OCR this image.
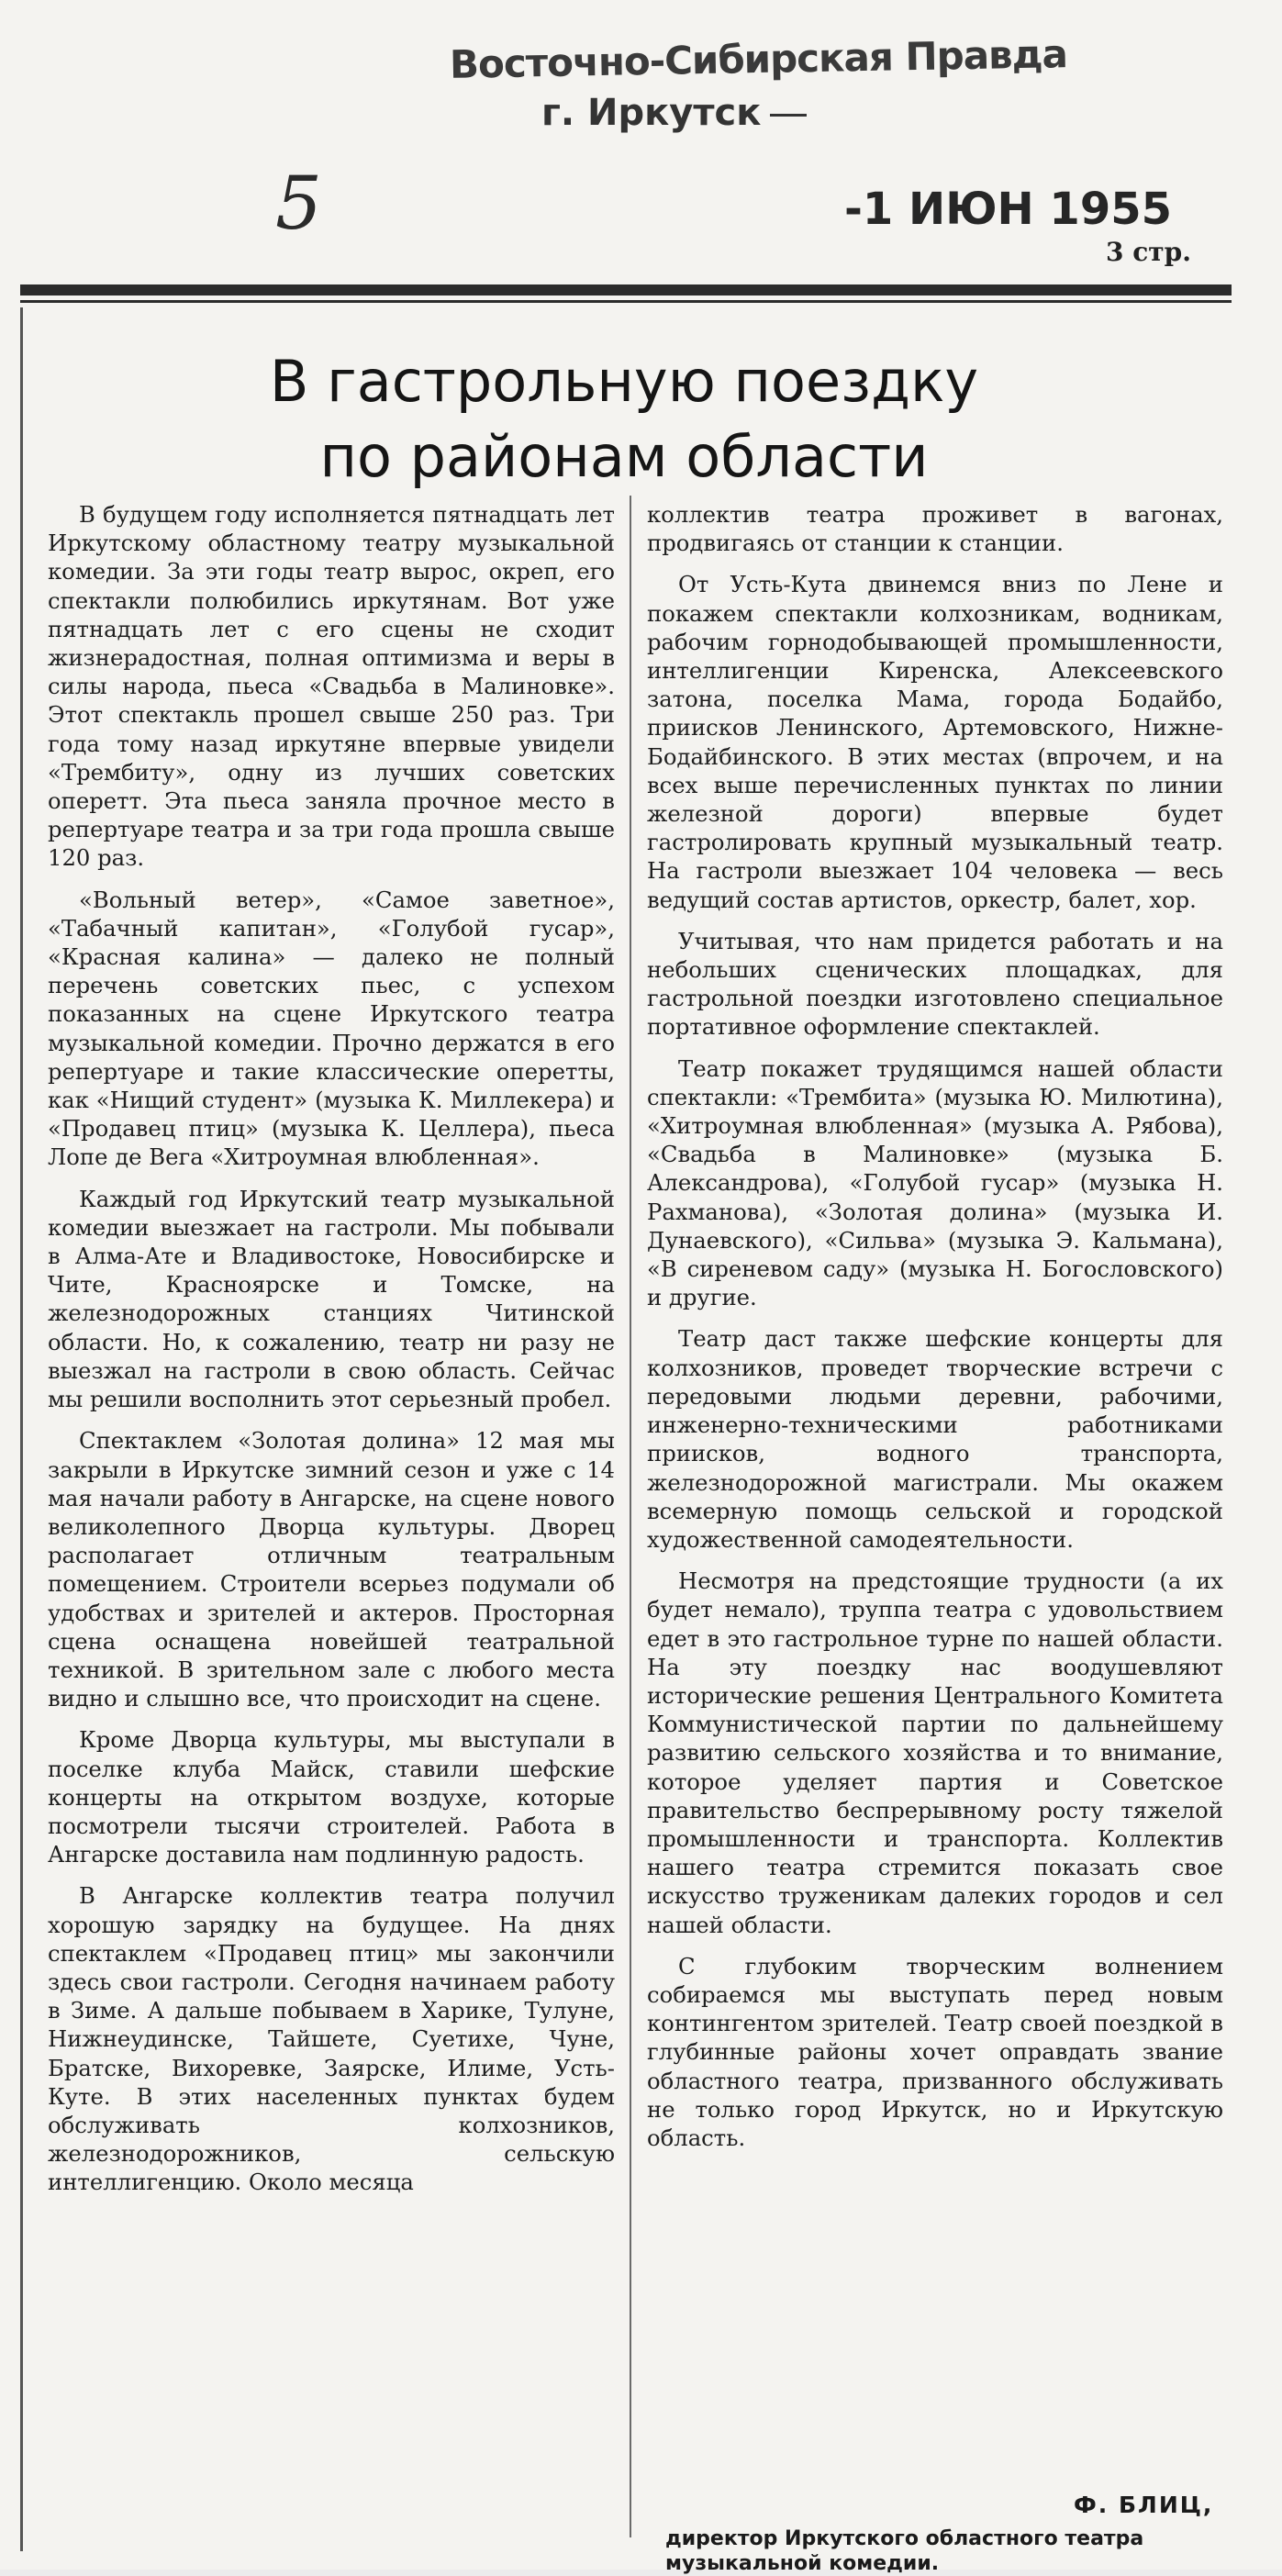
Восточно-Сибирская Правда
г. Иркутск
5	-1 ИЮН 1955
3 стр.
В гастрольную поездку
по районам области

В будущем году исполняется пятнадцать лет Иркутскому областному театру музыкальной комедии. За эти годы театр вырос, окреп, его спектакли полюбились иркутянам. Вот уже пятнадцать лет с его сцены не сходит жизнерадостная, полная оптимизма и веры в силы народа, пьеса «Свадьба в Малиновке». Этот спектакль прошел свыше 250 раз. Три года тому назад иркутяне впервые увидели «Трембиту», одну из лучших советских оперетт. Эта пьеса заняла прочное место в репертуаре театра и за три года прошла свыше 120 раз.

«Вольный ветер», «Самое заветное», «Табачный капитан», «Голубой гусар», «Красная калина» — далеко не полный перечень советских пьес, с успехом показанных на сцене Иркутского театра музыкальной комедии. Прочно держатся в его репертуаре и такие классические оперетты, как «Нищий студент» (музыка К. Миллекера) и «Продавец птиц» (музыка К. Целлера), пьеса Лопе де Вега «Хитроумная влюбленная».

Каждый год Иркутский театр музыкальной комедии выезжает на гастроли. Мы побывали в Алма-Ате и Владивостоке, Новосибирске и Чите, Красноярске и Томске, на железнодорожных станциях Читинской области. Но, к сожалению, театр ни разу не выезжал на гастроли в свою область. Сейчас мы решили восполнить этот серьезный пробел.

Спектаклем «Золотая долина» 12 мая мы закрыли в Иркутске зимний сезон и уже с 14 мая начали работу в Ангарске, на сцене нового великолепного Дворца культуры. Дворец располагает отличным театральным помещением. Строители всерьез подумали об удобствах и зрителей и актеров. Просторная сцена оснащена новейшей театральной техникой. В зрительном зале с любого места видно и слышно все, что происходит на сцене.

Кроме Дворца культуры, мы выступали в поселке клуба Майск, ставили шефские концерты на открытом воздухе, которые посмотрели тысячи строителей. Работа в Ангарске доставила нам подлинную радость.

В Ангарске коллектив театра получил хорошую зарядку на будущее. На днях спектаклем «Продавец птиц» мы закончили здесь свои гастроли. Сегодня начинаем работу в Зиме. А дальше побываем в Харике, Тулуне, Нижнеудинске, Тайшете, Суетихе, Чуне, Братске, Вихоревке, Заярске, Илиме, Усть-Куте. В этих населенных пунктах будем обслуживать колхозников, железнодорожников, сельскую интеллигенцию. Около месяца

коллектив театра проживет в вагонах, продвигаясь от станции к станции.

От Усть-Кута двинемся вниз по Лене и покажем спектакли колхозникам, водникам, рабочим горнодобывающей промышленности, интеллигенции Киренска, Алексеевского затона, поселка Мама, города Бодайбо, приисков Ленинского, Артемовского, Нижне-Бодайбинского. В этих местах (впрочем, и на всех выше перечисленных пунктах по линии железной дороги) впервые будет гастролировать крупный музыкальный театр. На гастроли выезжает 104 человека — весь ведущий состав артистов, оркестр, балет, хор.

Учитывая, что нам придется работать и на небольших сценических площадках, для гастрольной поездки изготовлено специальное портативное оформление спектаклей.

Театр покажет трудящимся нашей области спектакли: «Трембита» (музыка Ю. Милютина), «Хитроумная влюбленная» (музыка А. Рябова), «Свадьба в Малиновке» (музыка Б. Александрова), «Голубой гусар» (музыка Н. Рахманова), «Золотая долина» (музыка И. Дунаевского), «Сильва» (музыка Э. Кальмана), «В сиреневом саду» (музыка Н. Богословского) и другие.

Театр даст также шефские концерты для колхозников, проведет творческие встречи с передовыми людьми деревни, рабочими, инженерно-техническими работниками приисков, водного транспорта, железнодорожной магистрали. Мы окажем всемерную помощь сельской и городской художественной самодеятельности.

Несмотря на предстоящие трудности (а их будет немало), труппа театра с удовольствием едет в это гастрольное турне по нашей области. На эту поездку нас воодушевляют исторические решения Центрального Комитета Коммунистической партии по дальнейшему развитию сельского хозяйства и то внимание, которое уделяет партия и Советское правительство беспрерывному росту тяжелой промышленности и транспорта. Коллектив нашего театра стремится показать свое искусство труженикам далеких городов и сел нашей области.

С глубоким творческим волнением собираемся мы выступать перед новым контингентом зрителей. Театр своей поездкой в глубинные районы хочет оправдать звание областного театра, призванного обслуживать не только город Иркутск, но и Иркутскую область.

Ф. БЛИЦ,
директор Иркутского областного театра музыкальной комедии.
